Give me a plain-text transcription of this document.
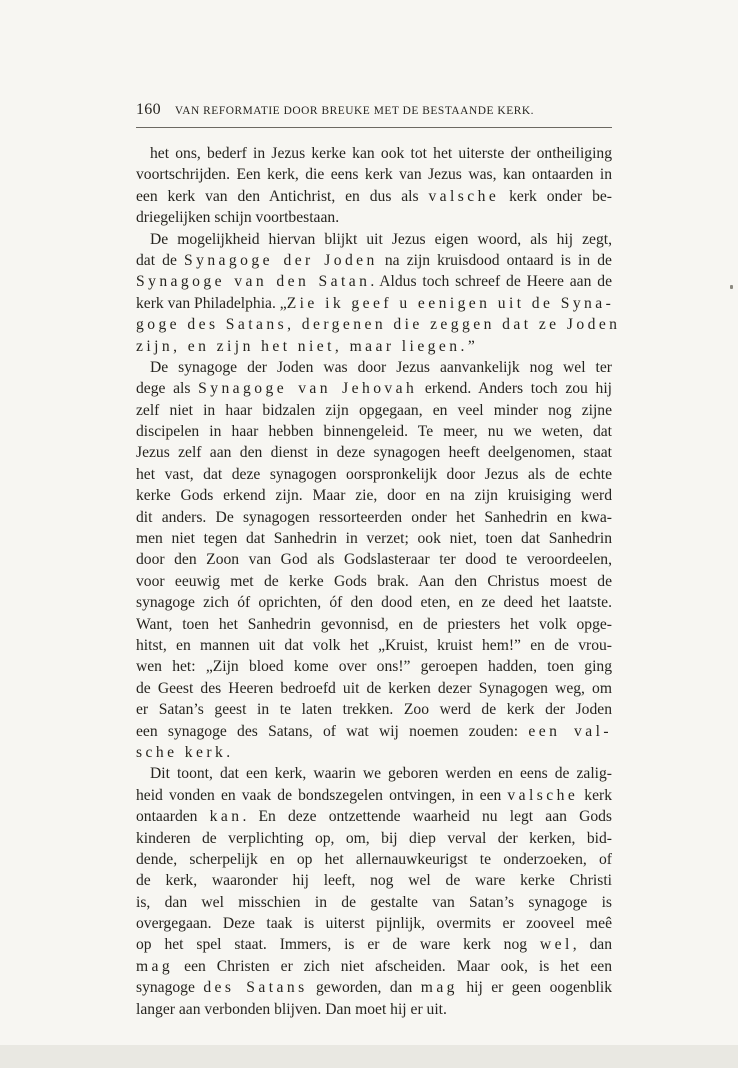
160 VAN REFORMATIE DOOR BREUKE MET DE BESTAANDE KERK.
het ons, bederf in Jezus kerke kan ook tot het uiterste der ontheiliging
voortschrijden. Een kerk, die eens kerk van Jezus was, kan ontaarden in
een kerk van den Antichrist, en dus als valsche kerk onder be-
driegelijken schijn voortbestaan.
De mogelijkheid hiervan blijkt uit Jezus eigen woord, als hij zegt,
dat de Synagoge der Joden na zijn kruisdood ontaard is in de
Synagoge van den Satan. Aldus toch schreef de Heere aan de
kerk van Philadelphia. „Zie ik geef u eenigen uit de Syna-
goge des Satans, dergenen die zeggen dat ze Joden
zijn, en zijn het niet, maar liegen.”
De synagoge der Joden was door Jezus aanvankelijk nog wel ter
dege als Synagoge van Jehovah erkend. Anders toch zou hij
zelf niet in haar bidzalen zijn opgegaan, en veel minder nog zijne
discipelen in haar hebben binnengeleid. Te meer, nu we weten, dat
Jezus zelf aan den dienst in deze synagogen heeft deelgenomen, staat
het vast, dat deze synagogen oorspronkelijk door Jezus als de echte
kerke Gods erkend zijn. Maar zie, door en na zijn kruisiging werd
dit anders. De synagogen ressorteerden onder het Sanhedrin en kwa-
men niet tegen dat Sanhedrin in verzet; ook niet, toen dat Sanhedrin
door den Zoon van God als Godslasteraar ter dood te veroordeelen,
voor eeuwig met de kerke Gods brak. Aan den Christus moest de
synagoge zich óf oprichten, óf den dood eten, en ze deed het laatste.
Want, toen het Sanhedrin gevonnisd, en de priesters het volk opge-
hitst, en mannen uit dat volk het „Kruist, kruist hem!” en de vrou-
wen het: „Zijn bloed kome over ons!” geroepen hadden, toen ging
de Geest des Heeren bedroefd uit de kerken dezer Synagogen weg, om
er Satan’s geest in te laten trekken. Zoo werd de kerk der Joden
een synagoge des Satans, of wat wij noemen zouden: een val-
sche kerk.
Dit toont, dat een kerk, waarin we geboren werden en eens de zalig-
heid vonden en vaak de bondszegelen ontvingen, in een valsche kerk
ontaarden kan. En deze ontzettende waarheid nu legt aan Gods
kinderen de verplichting op, om, bij diep verval der kerken, bid-
dende, scherpelijk en op het allernauwkeurigst te onderzoeken, of
de kerk, waaronder hij leeft, nog wel de ware kerke Christi
is, dan wel misschien in de gestalte van Satan’s synagoge is
overgegaan. Deze taak is uiterst pijnlijk, overmits er zooveel meê
op het spel staat. Immers, is er de ware kerk nog wel, dan
mag een Christen er zich niet afscheiden. Maar ook, is het een
synagoge des Satans geworden, dan mag hij er geen oogenblik
langer aan verbonden blijven. Dan moet hij er uit.
